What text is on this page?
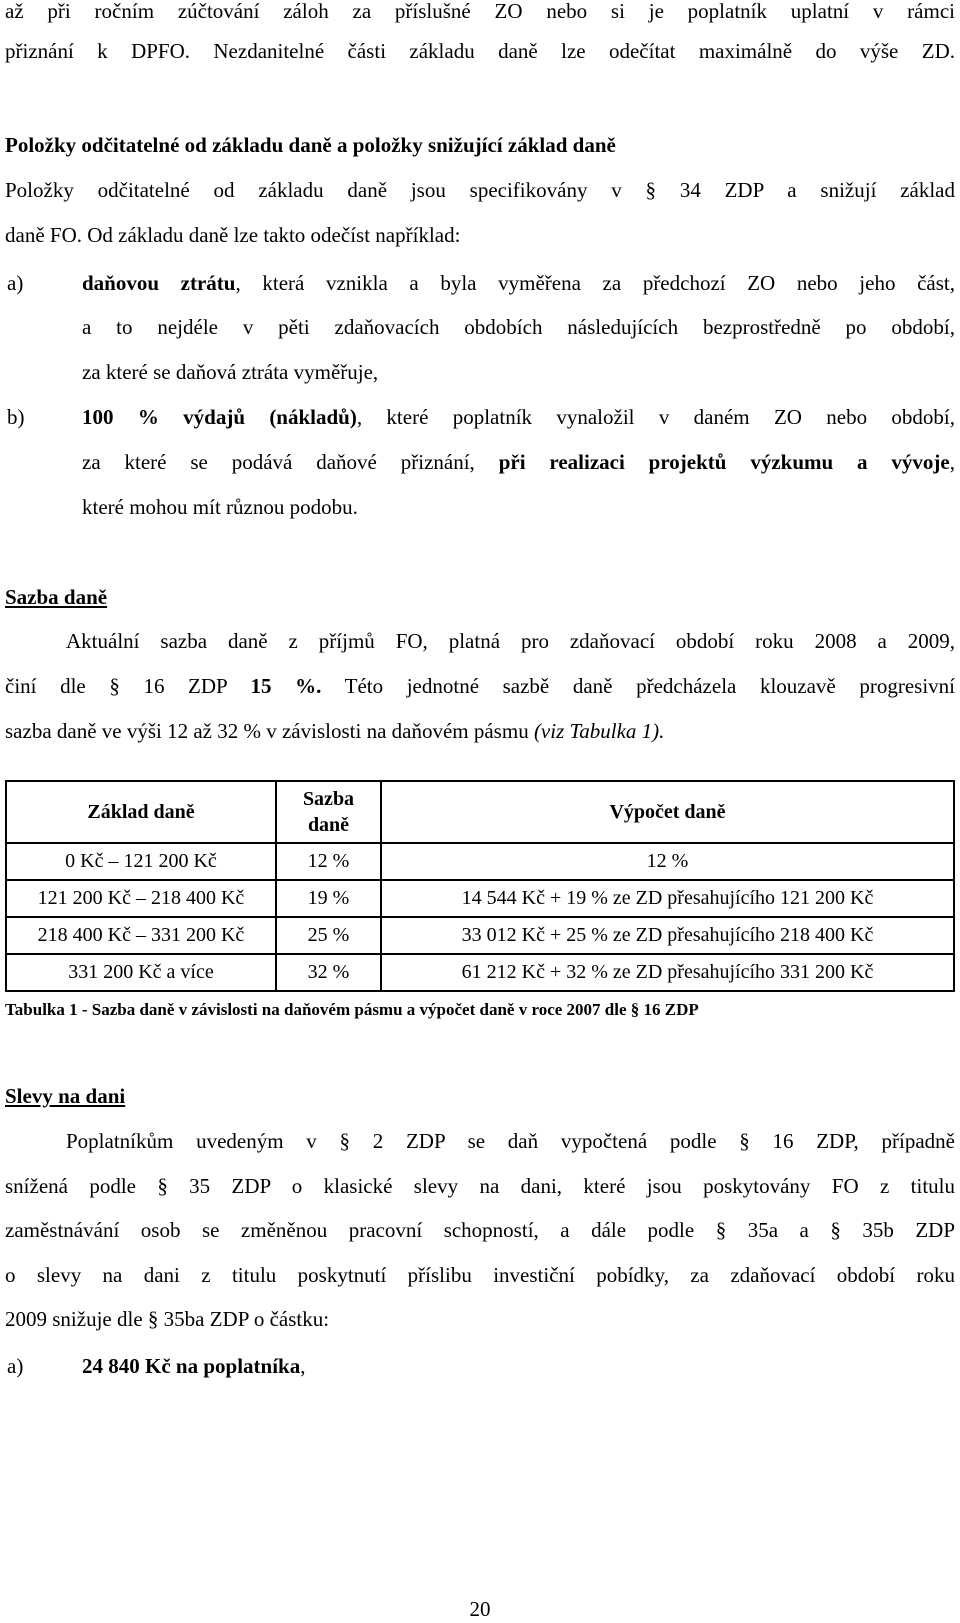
až při ročním zúčtování záloh za příslušné ZO nebo si je poplatník uplatní v rámci
přiznání k DPFO. Nezdanitelné části základu daně lze odečítat maximálně do výše ZD.
Položky odčitatelné od základu daně a položky snižující základ daně
Položky odčitatelné od základu daně jsou specifikovány v § 34 ZDP a snižují základ
daně FO. Od základu daně lze takto odečíst například:
a)	daňovou ztrátu, která vznikla a byla vyměřena za předchozí ZO nebo jeho část,
a to nejdéle v pěti zdaňovacích obdobích následujících bezprostředně po období,
za které se daňová ztráta vyměřuje,
b)	100 % výdajů (nákladů), které poplatník vynaložil v daném ZO nebo období,
za které se podává daňové přiznání, při realizaci projektů výzkumu a vývoje,
které mohou mít různou podobu.
Sazba daně
Aktuální sazba daně z příjmů FO, platná pro zdaňovací období roku 2008 a 2009,
činí dle § 16 ZDP 15 %. Této jednotné sazbě daně předcházela klouzavě progresivní
sazba daně ve výši 12 až 32 % v závislosti na daňovém pásmu (viz Tabulka 1).
Základ daně	Sazba daně	Výpočet daně
0 Kč – 121 200 Kč	12 %	12 %
121 200 Kč – 218 400 Kč	19 %	14 544 Kč + 19 % ze ZD přesahujícího 121 200 Kč
218 400 Kč – 331 200 Kč	25 %	33 012 Kč + 25 % ze ZD přesahujícího 218 400 Kč
331 200 Kč a více	32 %	61 212 Kč + 32 % ze ZD přesahujícího 331 200 Kč
Tabulka 1 - Sazba daně v závislosti na daňovém pásmu a výpočet daně v roce 2007 dle § 16 ZDP
Slevy na dani
Poplatníkům uvedeným v § 2 ZDP se daň vypočtená podle § 16 ZDP, případně
snížená podle § 35 ZDP o klasické slevy na dani, které jsou poskytovány FO z titulu
zaměstnávání osob se změněnou pracovní schopností, a dále podle § 35a a § 35b ZDP
o slevy na dani z titulu poskytnutí příslibu investiční pobídky, za zdaňovací období roku
2009 snižuje dle § 35ba ZDP o částku:
a)	24 840 Kč na poplatníka,
20
